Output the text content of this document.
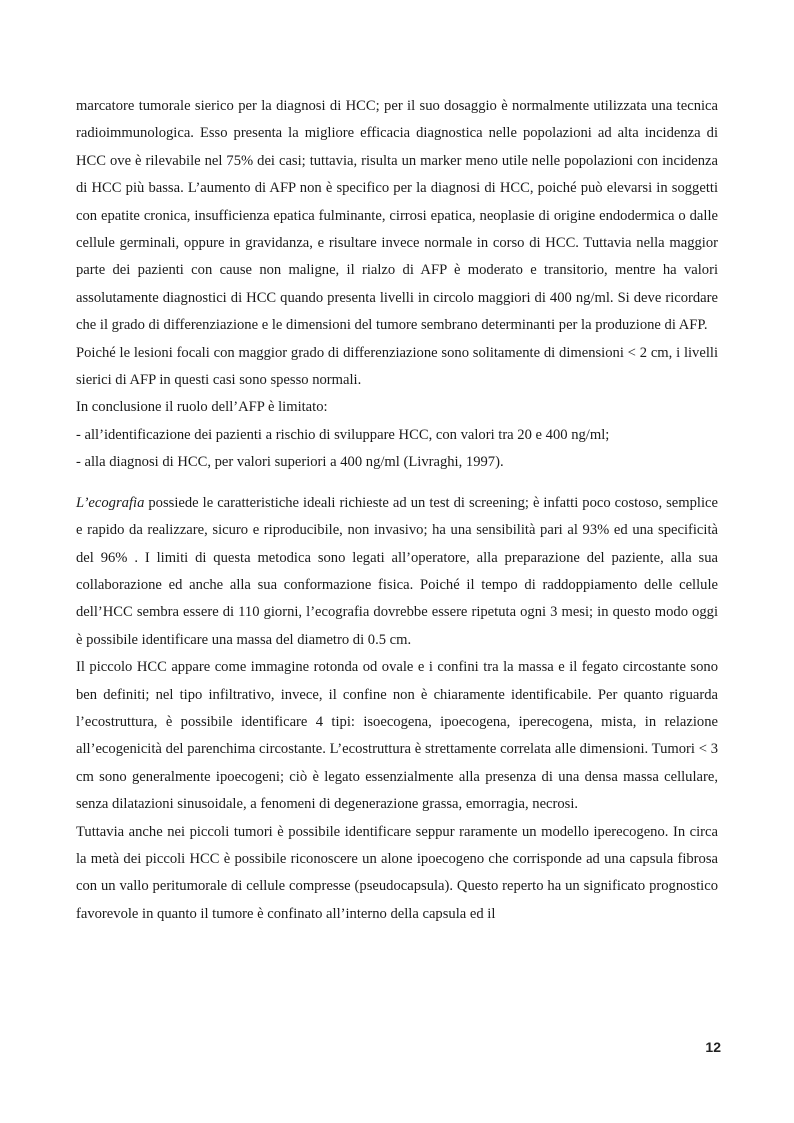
marcatore tumorale sierico per la diagnosi di HCC; per il suo dosaggio è normalmente utilizzata una tecnica radioimmunologica. Esso presenta la migliore efficacia diagnostica nelle popolazioni ad alta incidenza di HCC ove è rilevabile nel 75% dei casi; tuttavia, risulta un marker meno utile nelle popolazioni con incidenza di HCC più bassa. L’aumento di AFP non è specifico per la diagnosi di HCC, poiché può elevarsi in soggetti con epatite cronica, insufficienza epatica fulminante, cirrosi epatica, neoplasie di origine endodermica o dalle cellule germinali, oppure in gravidanza, e risultare invece normale in corso di HCC. Tuttavia nella maggior parte dei pazienti con cause non maligne, il rialzo di AFP è moderato e transitorio, mentre ha valori assolutamente diagnostici di HCC quando presenta livelli in circolo maggiori di 400 ng/ml. Si deve ricordare che il grado di differenziazione e le dimensioni del tumore sembrano determinanti per la produzione di AFP.

Poiché le lesioni focali con maggior grado di differenziazione sono solitamente di dimensioni < 2 cm, i livelli sierici di AFP in questi casi sono spesso normali.

In conclusione il ruolo dell’AFP è limitato:

- all’identificazione dei pazienti a rischio di sviluppare HCC, con valori tra 20 e 400 ng/ml;

- alla diagnosi di HCC, per valori superiori a 400 ng/ml (Livraghi, 1997).

L’ecografia possiede le caratteristiche ideali richieste ad un test di screening; è infatti poco costoso, semplice e rapido da realizzare, sicuro e riproducibile, non invasivo; ha una sensibilità pari al 93% ed una specificità del 96% . I limiti di questa metodica sono legati all’operatore, alla preparazione del paziente, alla sua collaborazione ed anche alla sua conformazione fisica. Poiché il tempo di raddoppiamento delle cellule dell’HCC sembra essere di 110 giorni, l’ecografia dovrebbe essere ripetuta ogni 3 mesi; in questo modo oggi è possibile identificare una massa del diametro di 0.5 cm.

Il piccolo HCC appare come immagine rotonda od ovale e i confini tra la massa e il fegato circostante sono ben definiti; nel tipo infiltrativo, invece, il confine non è chiaramente identificabile. Per quanto riguarda l’ecostruttura, è possibile identificare 4 tipi: isoecogena, ipoecogena, iperecogena, mista, in relazione all’ecogenicità del parenchima circostante. L’ecostruttura è strettamente correlata alle dimensioni. Tumori < 3 cm sono generalmente ipoecogeni; ciò è legato essenzialmente alla presenza di una densa massa cellulare, senza dilatazioni sinusoidale, a fenomeni di degenerazione grassa, emorragia, necrosi.

Tuttavia anche nei piccoli tumori è possibile identificare seppur raramente un modello iperecogeno. In circa la metà dei piccoli HCC è possibile riconoscere un alone ipoecogeno che corrisponde ad una capsula fibrosa con un vallo peritumorale di cellule compresse (pseudocapsula). Questo reperto ha un significato prognostico favorevole in quanto il tumore è confinato all’interno della capsula ed il

12
